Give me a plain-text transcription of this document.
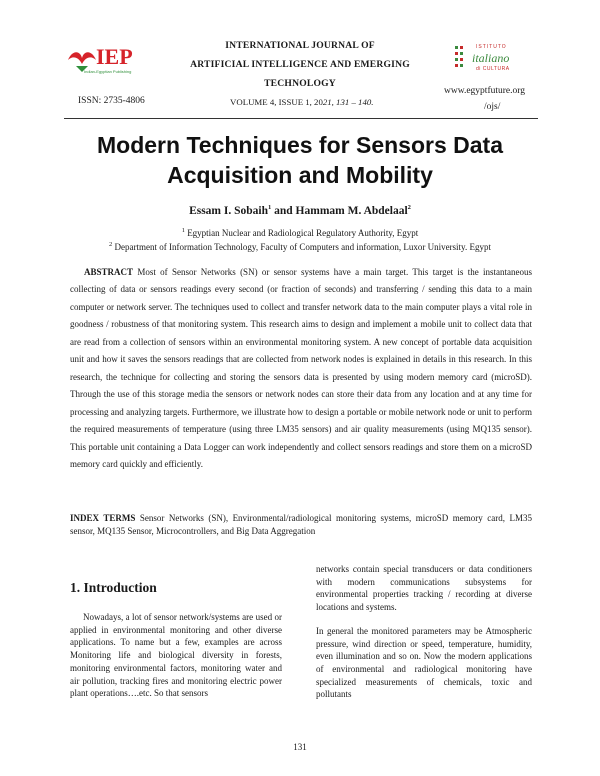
IEP
Indian-Egyptian Publishing
INTERNATIONAL JOURNAL OF
ARTIFICIAL INTELLIGENCE AND EMERGING
TECHNOLOGY
ISTITUTO
italiano
di CULTURA
ISSN: 2735-4806	VOLUME 4, ISSUE 1, 2021, 131 – 140.
www.egyptfuture.org
/ojs/
Modern Techniques for Sensors Data
Acquisition and Mobility
Essam I. Sobaih$^1$ and Hammam M. Abdelaal$^2$
$^1$ Egyptian Nuclear and Radiological Regulatory Authority, Egypt
$^2$ Department of Information Technology, Faculty of Computers and information, Luxor University. Egypt
ABSTRACT Most of Sensor Networks (SN) or sensor systems have a main target. This target is the instantaneous collecting of data or sensors readings every second (or fraction of seconds) and transferring / sending this data to a main computer or network server. The techniques used to collect and transfer network data to the main computer plays a vital role in goodness / robustness of that monitoring system. This research aims to design and implement a mobile unit to collect data that are read from a collection of sensors within an environmental monitoring system. A new concept of portable data acquisition unit and how it saves the sensors readings that are collected from network nodes is explained in details in this research. In this research, the technique for collecting and storing the sensors data is presented by using modern memory card (microSD). Through the use of this storage media the sensors or network nodes can store their data from any location and at any time for processing and analyzing targets. Furthermore, we illustrate how to design a portable or mobile network node or unit to perform the required measurements of temperature (using three LM35 sensors) and air quality measurements (using MQ135 sensor). This portable unit containing a Data Logger can work independently and collect sensors readings and store them on a microSD memory card quickly and efficiently.
INDEX TERMS Sensor Networks (SN), Environmental/radiological monitoring systems, microSD memory card, LM35 sensor, MQ135 Sensor, Microcontrollers, and Big Data Aggregation
1. Introduction
Nowadays, a lot of sensor network/systems are used or applied in environmental monitoring and other diverse applications. To name but a few, examples are across Monitoring life and biological diversity in forests, monitoring environmental factors, monitoring water and air pollution, tracking fires and monitoring electric power plant operations….etc. So that sensors

networks contain special transducers or data conditioners with modern communications subsystems for environmental properties tracking / recording at diverse locations and systems.

In general the monitored parameters may be Atmospheric pressure, wind direction or speed, temperature, humidity, even illumination and so on. Now the modern applications of environmental and radiological monitoring have specialized measurements of chemicals, toxic and pollutants

131
